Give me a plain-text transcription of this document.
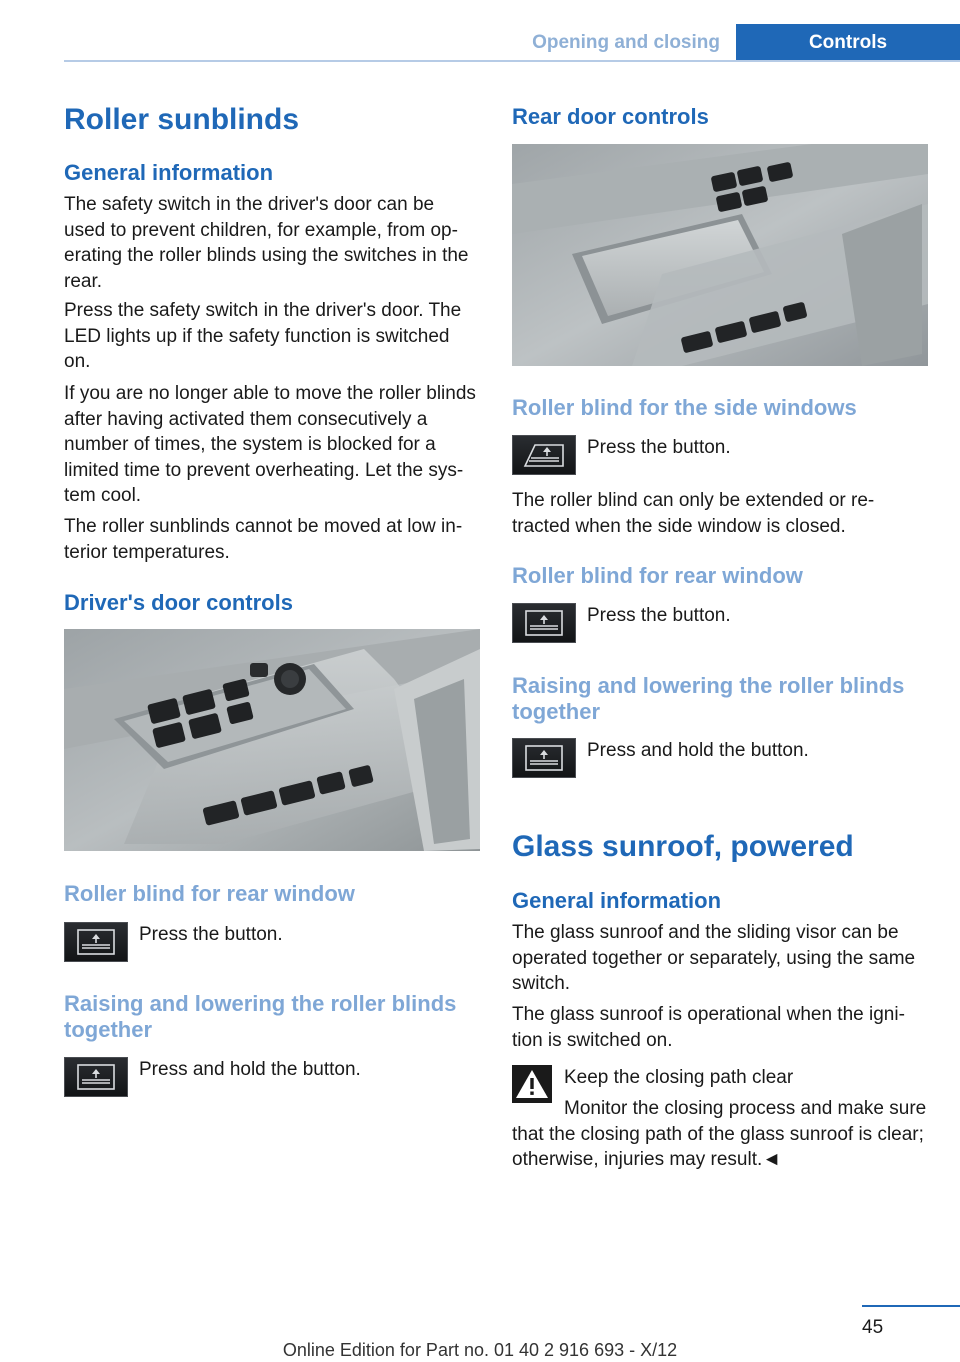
Opening and closing	Controls
Roller sunblinds
General information

The safety switch in the driver's door can be used to prevent children, for example, from op‐erating the roller blinds using the switches in the rear.

Press the safety switch in the driver's door. The LED lights up if the safety function is switched on.

If you are no longer able to move the roller blinds after having activated them consecutively a number of times, the system is blocked for a limited time to prevent overheating. Let the sys‐tem cool.

The roller sunblinds cannot be moved at low in‐terior temperatures.

Driver's door controls
Roller blind for rear window
Press the button.
Raising and lowering the roller blinds together
Press and hold the button.
Rear door controls
Roller blind for the side windows
Press the button.

The roller blind can only be extended or re‐tracted when the side window is closed.

Roller blind for rear window
Press the button.
Raising and lowering the roller blinds together
Press and hold the button.
Glass sunroof, powered
General information

The glass sunroof and the sliding visor can be operated together or separately, using the same switch.

The glass sunroof is operational when the igni‐tion is switched on.

Keep the closing path clear

Monitor the closing process and make sure that the closing path of the glass sunroof is clear; otherwise, injuries may result.◄

45
Online Edition for Part no. 01 40 2 916 693 - X/12
